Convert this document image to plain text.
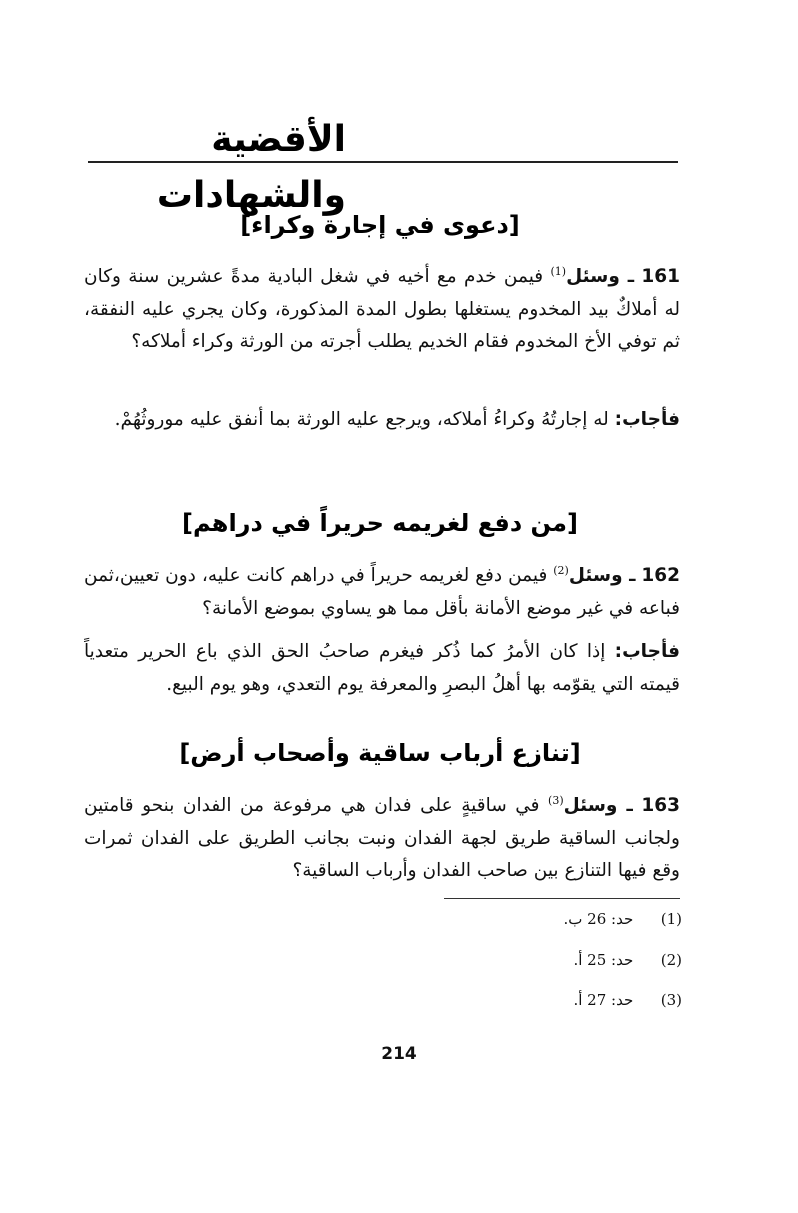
الأقضية والشهادات
[دعوى في إجارة وكراء]

161 ـ وسئل$^{(1)}$ فيمن خدم مع أخيه في شغل البادية مدةً عشرين سنة وكان له أملاكٌ بيد المخدوم يستغلها بطول المدة المذكورة، وكان يجري عليه النفقة، ثم توفي الأخ المخدوم فقام الخديم يطلب أجرته من الورثة وكراء أملاكه؟

فأجاب: له إجارتُهُ وكراءُ أملاكه، ويرجع عليه الورثة بما أنفق عليه موروثُهُمْ.

[من دفع لغريمه حريراً في دراهم]

162 ـ وسئل$^{(2)}$ فيمن دفع لغريمه حريراً في دراهم كانت عليه، دون تعيين،ثمن فباعه في غير موضع الأمانة بأقل مما هو يساوي بموضع الأمانة؟

فأجاب: إذا كان الأمرُ كما ذُكر فيغرم صاحبُ الحق الذي باع الحرير متعدياً قيمته التي يقوّمه بها أهلُ البصرِ والمعرفة يوم التعدي، وهو يوم البيع.

[تنازع أرباب ساقية وأصحاب أرض]

163 ـ وسئل$^{(3)}$ في ساقيةٍ على فدان هي مرفوعة من الفدان بنحو قامتين ولجانب الساقية طريق لجهة الفدان ونبت بجانب الطريق على الفدان ثمرات وقع فيها التنازع بين صاحب الفدان وأرباب الساقية؟

(1) حد: 26 ب.

(2) حد: 25 أ.

(3) حد: 27 أ.

214
